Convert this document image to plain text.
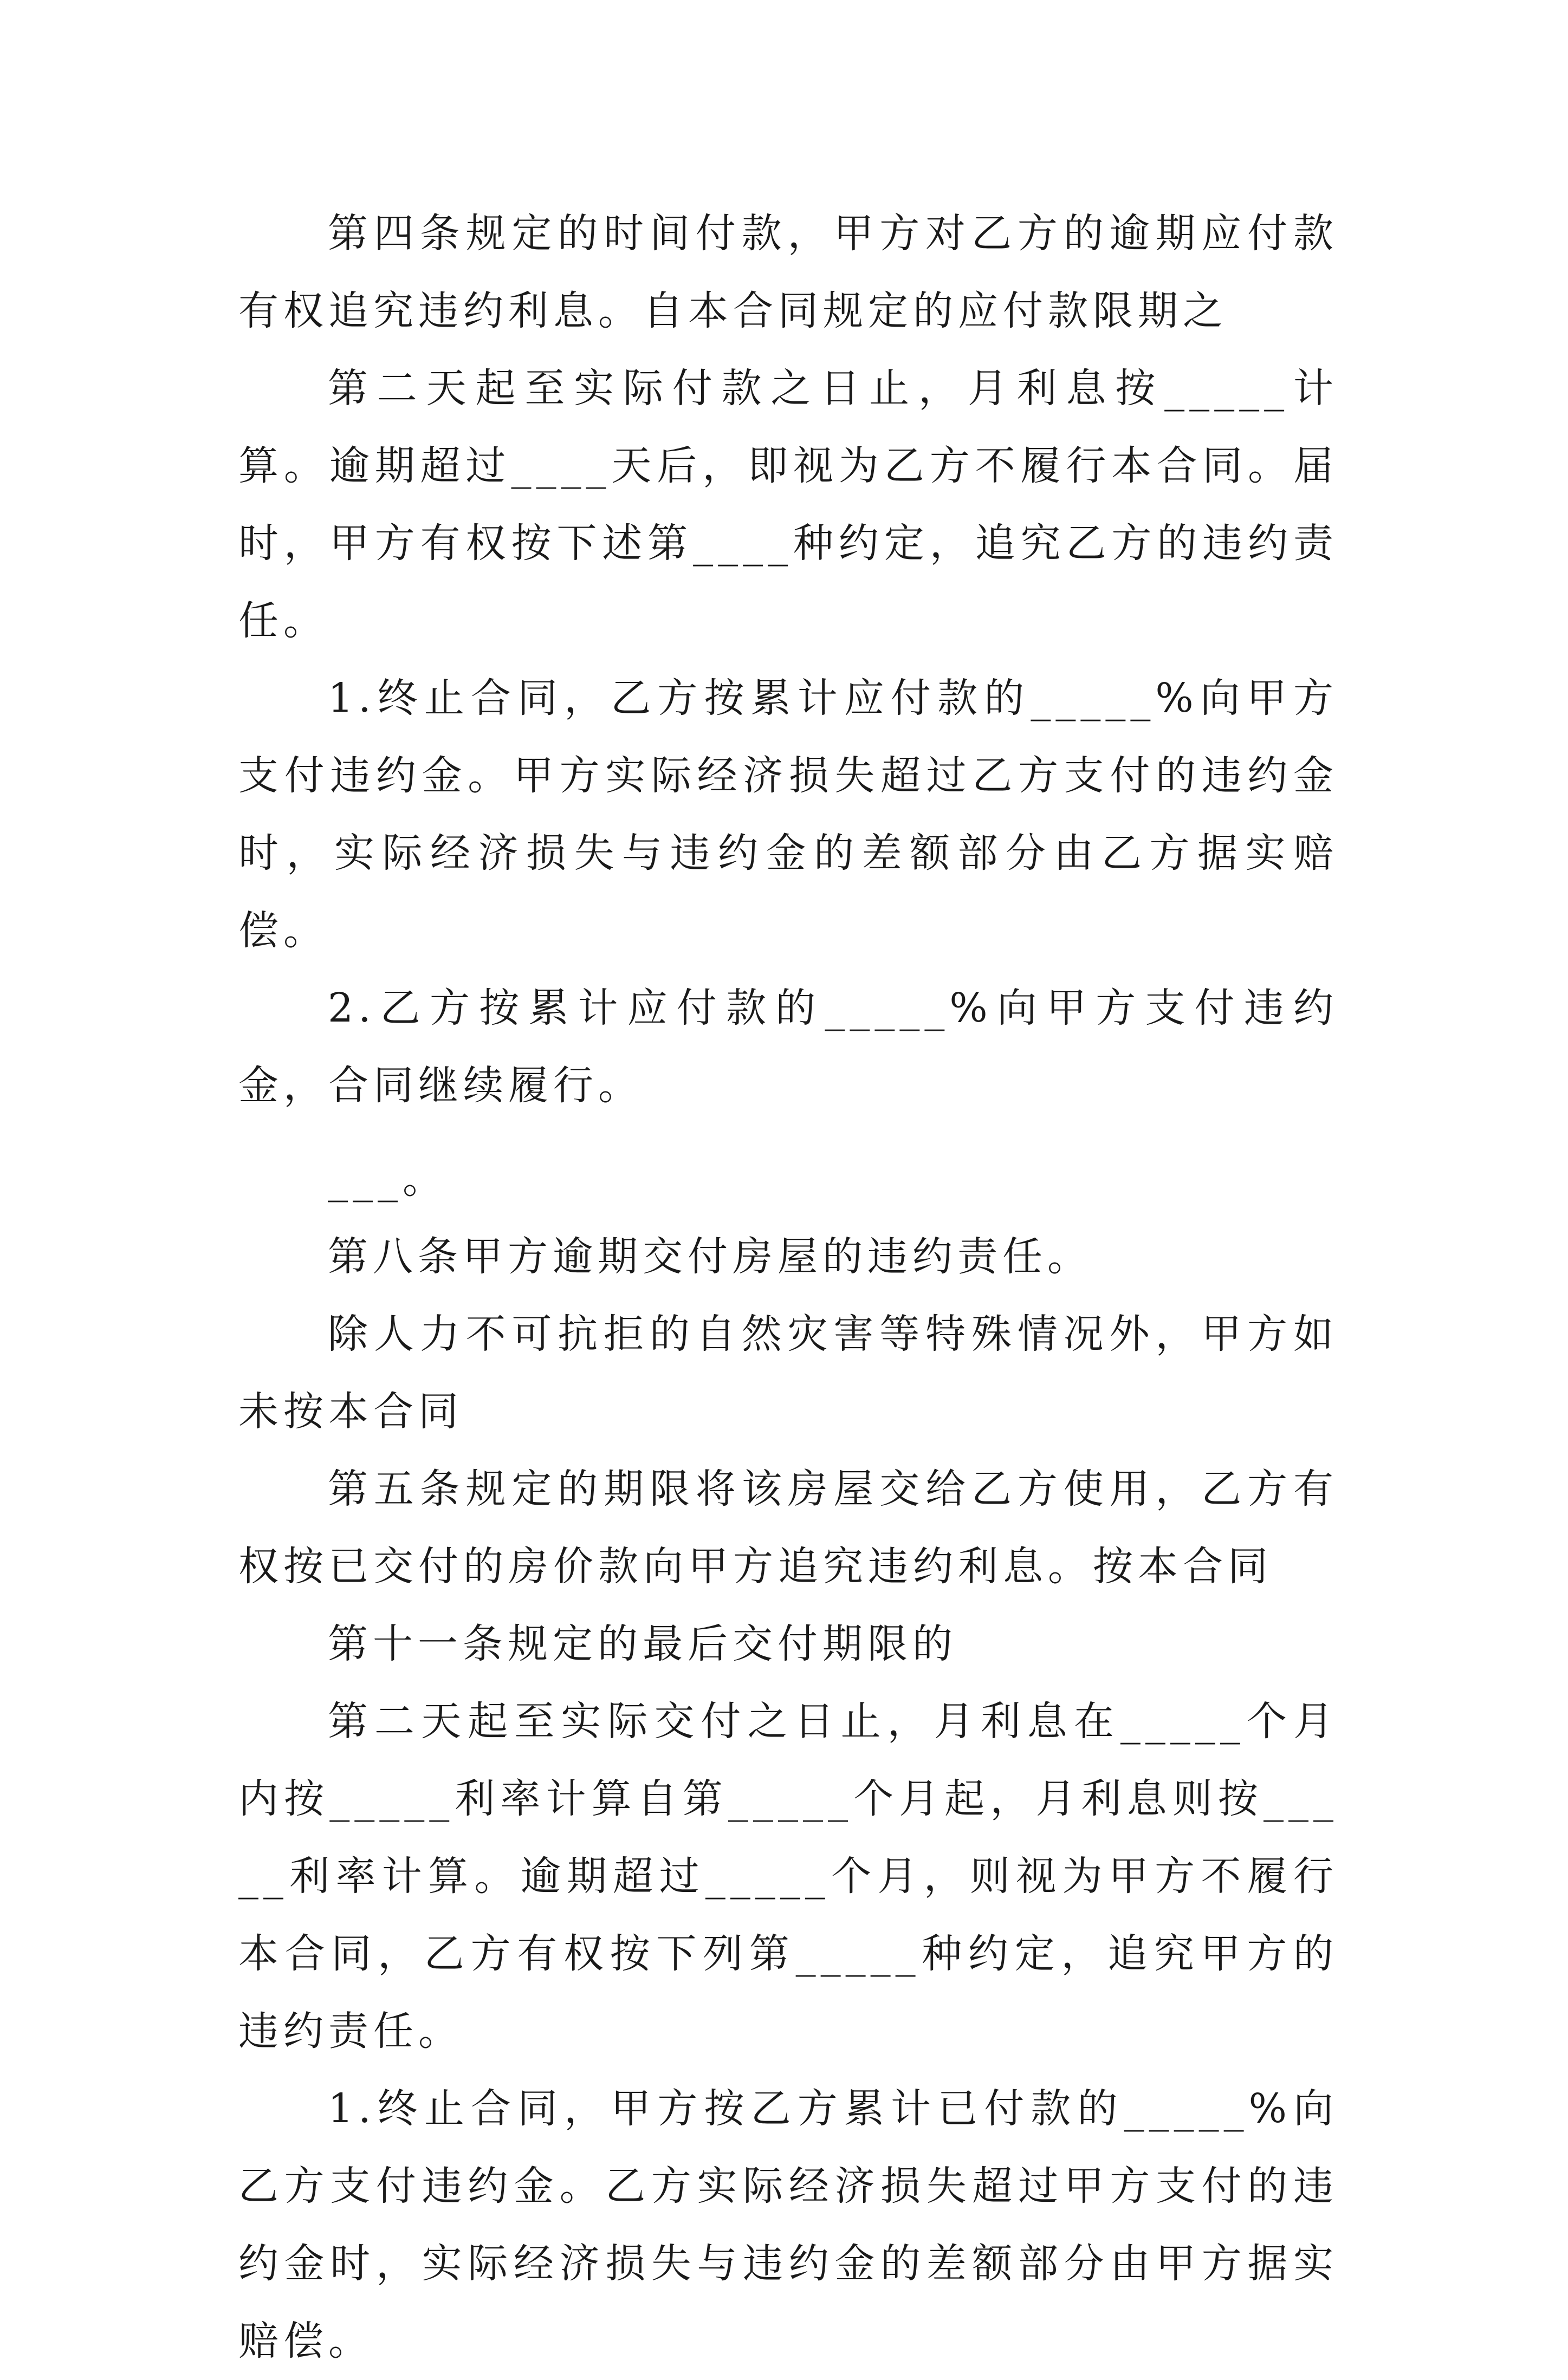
第四条规定的时间付款，甲方对乙方的逾期应付款有权追究违约利息。自本合同规定的应付款限期之

第二天起至实际付款之日止，月利息按_____计算。逾期超过____天后，即视为乙方不履行本合同。届时，甲方有权按下述第____种约定，追究乙方的违约责任。

1.终止合同，乙方按累计应付款的_____%向甲方支付违约金。甲方实际经济损失超过乙方支付的违约金时，实际经济损失与违约金的差额部分由乙方据实赔偿。

2.乙方按累计应付款的_____%向甲方支付违约金，合同继续履行。

___。

第八条甲方逾期交付房屋的违约责任。

除人力不可抗拒的自然灾害等特殊情况外，甲方如未按本合同

第五条规定的期限将该房屋交给乙方使用，乙方有权按已交付的房价款向甲方追究违约利息。按本合同

第十一条规定的最后交付期限的

第二天起至实际交付之日止，月利息在_____个月内按_____利率计算自第_____个月起，月利息则按_____利率计算。逾期超过_____个月，则视为甲方不履行本合同，乙方有权按下列第_____种约定，追究甲方的违约责任。

1.终止合同，甲方按乙方累计已付款的_____%向乙方支付违约金。乙方实际经济损失超过甲方支付的违约金时，实际经济损失与违约金的差额部分由甲方据实赔偿。
